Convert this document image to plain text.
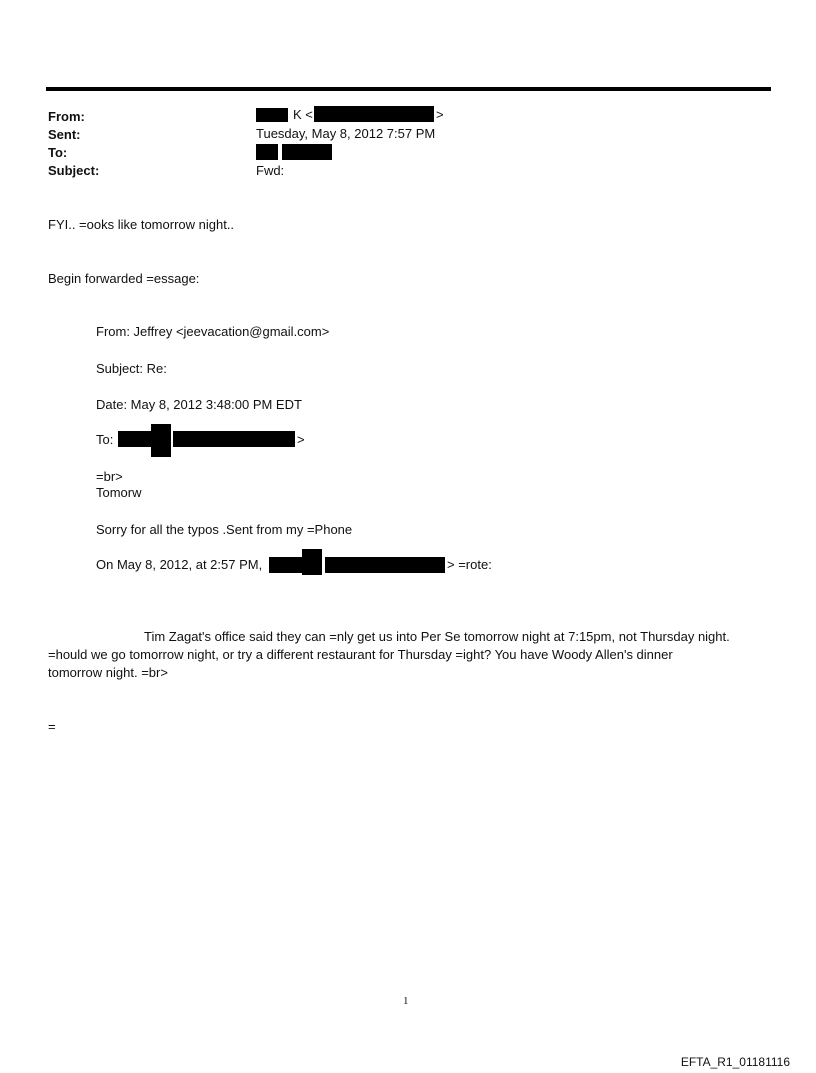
From:	K <	>
Sent:	Tuesday, May 8, 2012 7:57 PM
To:
Subject:	Fwd:
FYI.. =ooks like tomorrow night..
Begin forwarded =essage:
From: Jeffrey <jeevacation@gmail.com>
Subject: Re:
Date: May 8, 2012 3:48:00 PM EDT
To:	>
=br>
Tomorw
Sorry for all the typos .Sent from my =Phone
On May 8, 2012, at 2:57 PM,	> =rote:
Tim Zagat's office said they can =nly get us into Per Se tomorrow night at 7:15pm, not Thursday night.
=hould we go tomorrow night, or try a different restaurant for Thursday =ight? You have Woody Allen's dinner
tomorrow night. =br>
=
1
EFTA_R1_01181116
